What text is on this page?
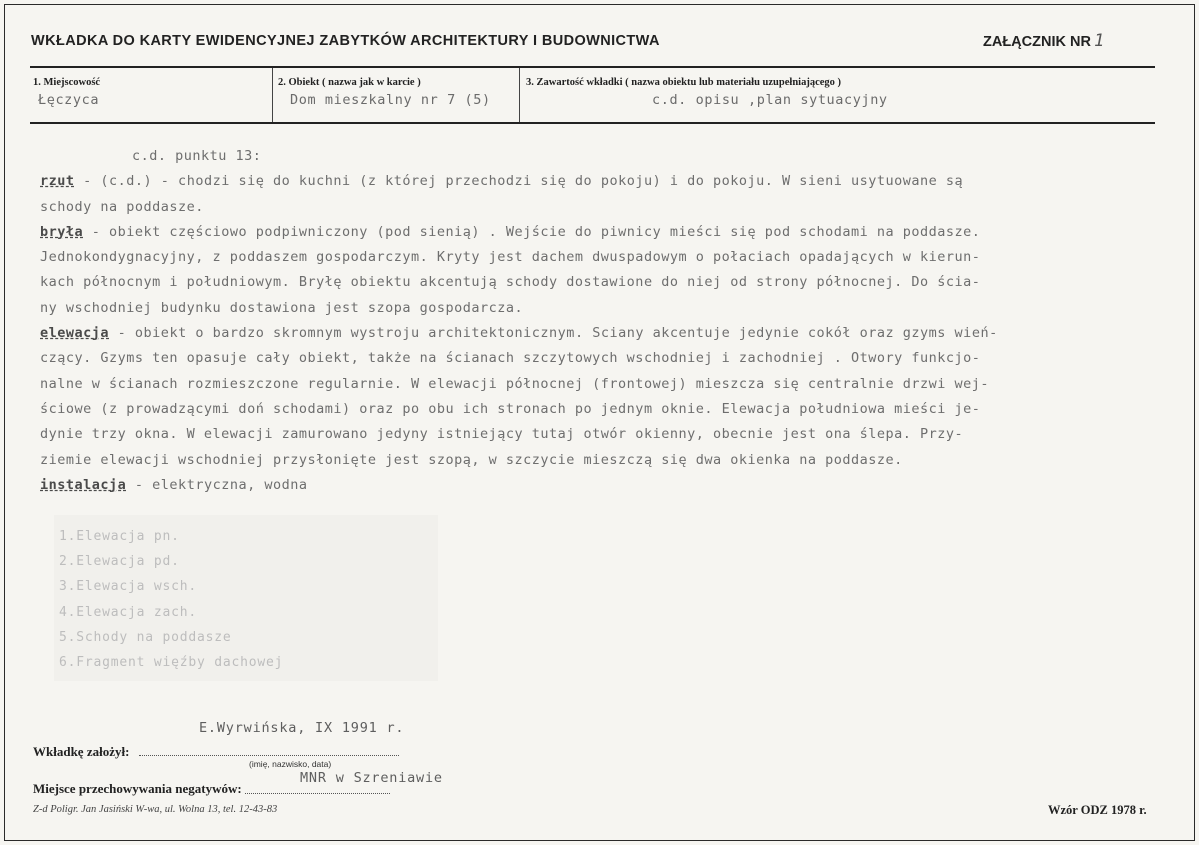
WKŁADKA DO KARTY EWIDENCYJNEJ ZABYTKÓW ARCHITEKTURY I BUDOWNICTWA	ZAŁĄCZNIK NR 1
1. Miejscowość
Łęczyca
2. Obiekt ( nazwa jak w karcie )
Dom mieszkalny nr 7 (5)
3. Zawartość wkładki ( nazwa obiektu lub materiału uzupełniającego )
c.d. opisu ,plan sytuacyjny

c.d. punktu 13:

rzut - (c.d.) - chodzi się do kuchni (z której przechodzi się do pokoju) i do pokoju. W sieni usytuowane są

schody na poddasze.

bryła - obiekt częściowo podpiwniczony (pod sienią) . Wejście do piwnicy mieści się pod schodami na poddasze.

Jednokondygnacyjny, z poddaszem gospodarczym. Kryty jest dachem dwuspadowym o połaciach opadających w kierun-

kach północnym i południowym. Bryłę obiektu akcentują schody dostawione do niej od strony północnej. Do ścia-

ny wschodniej budynku dostawiona jest szopa gospodarcza.

elewacja - obiekt o bardzo skromnym wystroju architektonicznym. Sciany akcentuje jedynie cokół oraz gzyms wień-

czący. Gzyms ten opasuje cały obiekt, także na ścianach szczytowych wschodniej i zachodniej . Otwory funkcjo-

nalne w ścianach rozmieszczone regularnie. W elewacji północnej (frontowej) mieszcza się centralnie drzwi wej-

ściowe (z prowadzącymi doń schodami) oraz po obu ich stronach po jednym oknie. Elewacja południowa mieści je-

dynie trzy okna. W elewacji zamurowano jedyny istniejący tutaj otwór okienny, obecnie jest ona ślepa. Przy-

ziemie elewacji wschodniej przysłonięte jest szopą, w szczycie mieszczą się dwa okienka na poddasze.

instalacja - elektryczna, wodna

1.Elewacja pn.
2.Elewacja pd.
3.Elewacja wsch.
4.Elewacja zach.
5.Schody na poddasze
6.Fragment więźby dachowej
E.Wyrwińska, IX 1991 r.
Wkładkę założył:
(imię, nazwisko, data)
MNR w Szreniawie
Miejsce przechowywania negatywów:
Z-d Poligr. Jan Jasiński W-wa, ul. Wolna 13, tel. 12-43-83	Wzór ODZ 1978 r.
